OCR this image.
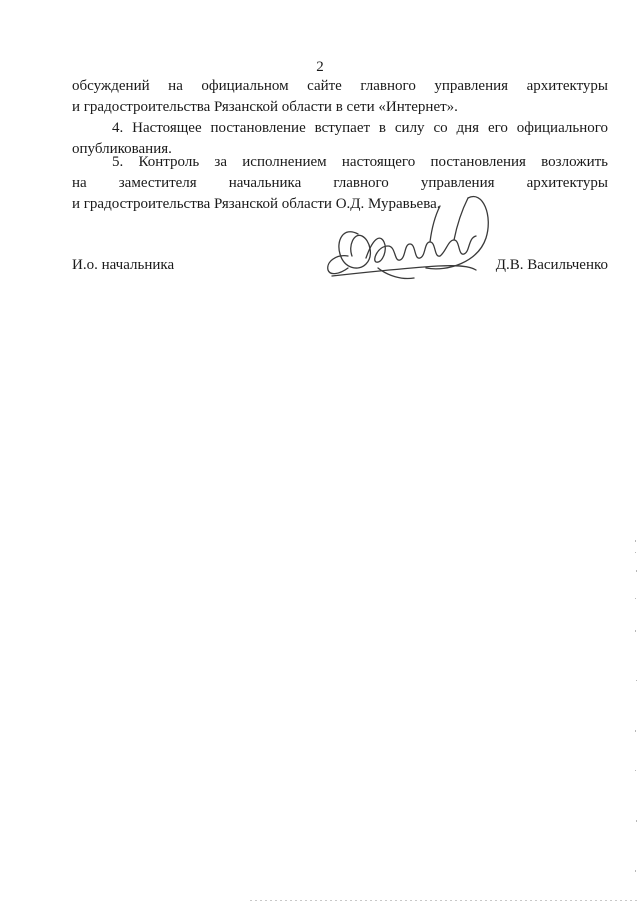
2
обсуждений на официальном сайте главного управления архитектуры
и градостроительства Рязанской области в сети «Интернет».
4. Настоящее постановление вступает в силу со дня его официального
опубликования.
5. Контроль за исполнением настоящего постановления возложить
на заместителя начальника главного управления архитектуры
и градостроительства Рязанской области О.Д. Муравьева.
И.о. начальника	Д.В. Васильченко
